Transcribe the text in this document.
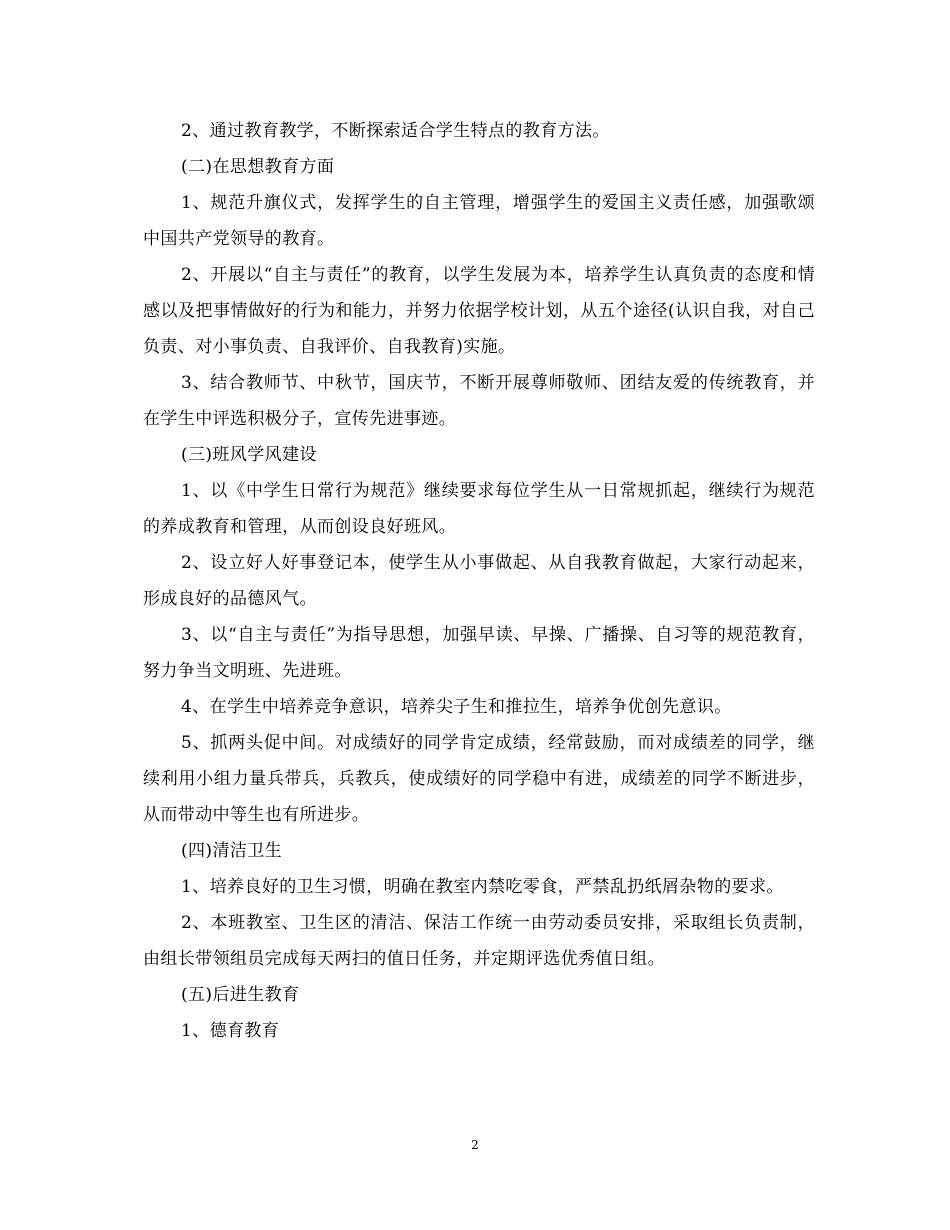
2、通过教育教学，不断探索适合学生特点的教育方法。

(二)在思想教育方面

1、规范升旗仪式，发挥学生的自主管理，增强学生的爱国主义责任感，加强歌颂中国共产党领导的教育。

2、开展以“自主与责任”的教育，以学生发展为本，培养学生认真负责的态度和情感以及把事情做好的行为和能力，并努力依据学校计划，从五个途径(认识自我，对自己负责、对小事负责、自我评价、自我教育)实施。

3、结合教师节、中秋节，国庆节，不断开展尊师敬师、团结友爱的传统教育，并在学生中评选积极分子，宣传先进事迹。

(三)班风学风建设

1、以《中学生日常行为规范》继续要求每位学生从一日常规抓起，继续行为规范的养成教育和管理，从而创设良好班风。

2、设立好人好事登记本，使学生从小事做起、从自我教育做起，大家行动起来，形成良好的品德风气。

3、以“自主与责任”为指导思想，加强早读、早操、广播操、自习等的规范教育，努力争当文明班、先进班。

4、在学生中培养竞争意识，培养尖子生和推拉生，培养争优创先意识。

5、抓两头促中间。对成绩好的同学肯定成绩，经常鼓励，而对成绩差的同学，继续利用小组力量兵带兵，兵教兵，使成绩好的同学稳中有进，成绩差的同学不断进步，从而带动中等生也有所进步。

(四)清洁卫生

1、培养良好的卫生习惯，明确在教室内禁吃零食，严禁乱扔纸屑杂物的要求。

2、本班教室、卫生区的清洁、保洁工作统一由劳动委员安排，采取组长负责制，由组长带领组员完成每天两扫的值日任务，并定期评选优秀值日组。

(五)后进生教育

1、德育教育

2
